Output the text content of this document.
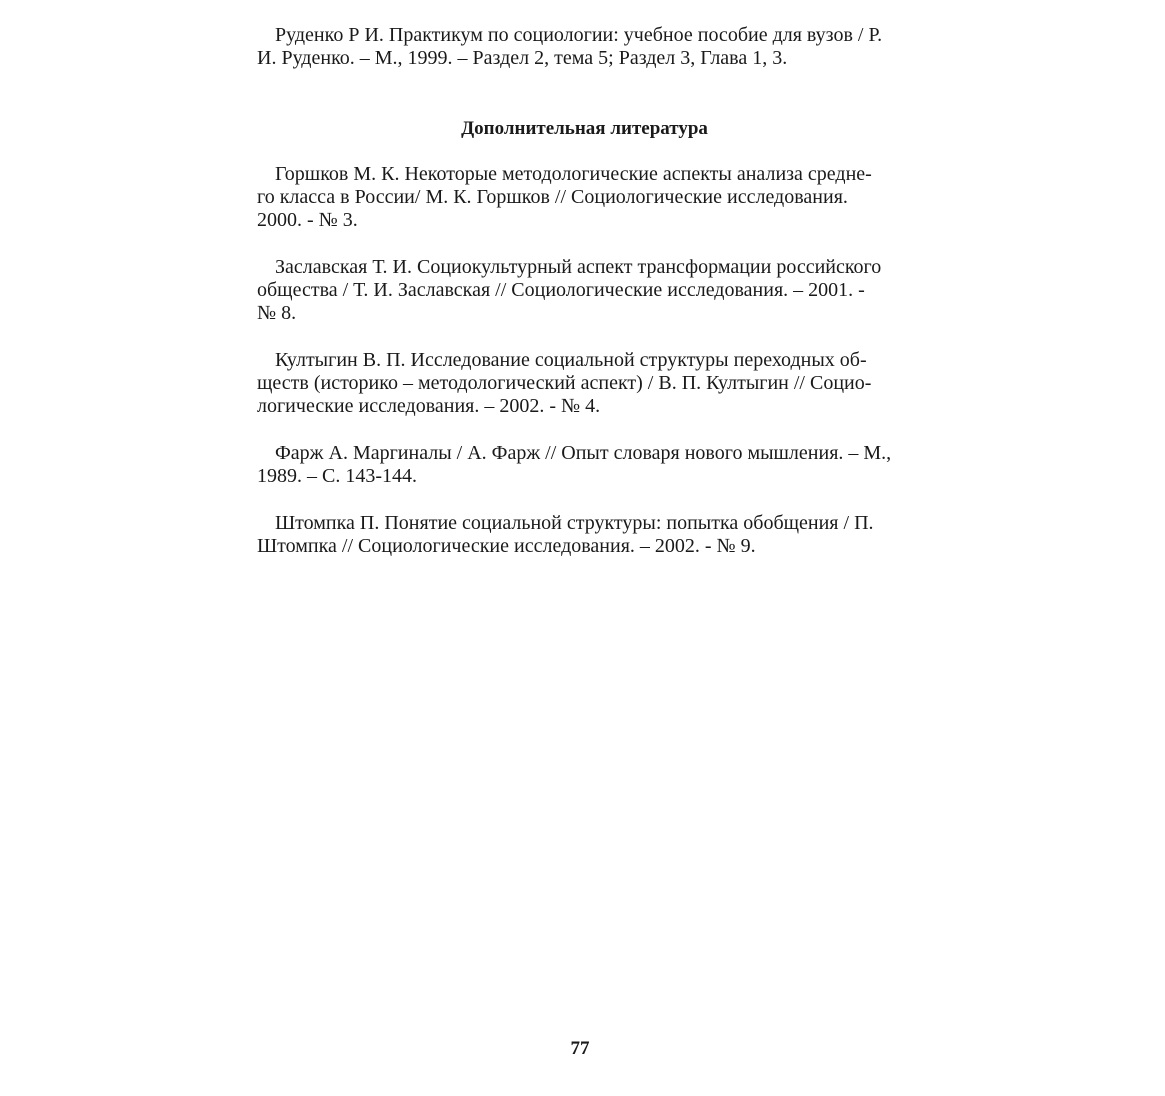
Руденко Р И. Практикум по социологии: учебное пособие для вузов / Р.
И. Руденко. – М., 1999. – Раздел 2, тема 5; Раздел 3, Глава 1, 3.

Дополнительная литература

Горшков М. К. Некоторые методологические аспекты анализа средне-
го класса в России/ М. К. Горшков // Социологические исследования.
2000. - № 3.

Заславская Т. И. Социокультурный аспект трансформации российского
общества / Т. И. Заславская // Социологические исследования. – 2001. -
№ 8.

Култыгин В. П. Исследование социальной структуры переходных об-
ществ (историко – методологический аспект) / В. П. Култыгин // Социо-
логические исследования. – 2002. - № 4.

Фарж А. Маргиналы / А. Фарж // Опыт словаря нового мышления. – М.,
1989. – С. 143-144.

Штомпка П. Понятие социальной структуры: попытка обобщения / П.
Штомпка // Социологические исследования. – 2002. - № 9.

77
